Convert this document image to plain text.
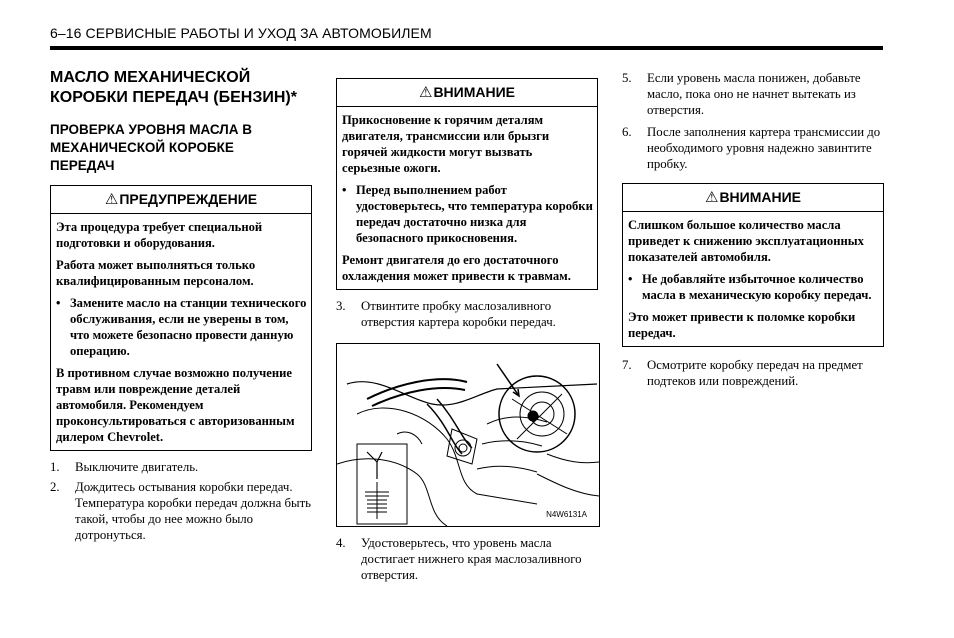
6–16 СЕРВИСНЫЕ РАБОТЫ И УХОД ЗА АВТОМОБИЛЕМ
МАСЛО МЕХАНИЧЕСКОЙ
КОРОБКИ ПЕРЕДАЧ (БЕНЗИН)*
ПРОВЕРКА УРОВНЯ МАСЛА В
МЕХАНИЧЕСКОЙ КОРОБКЕ
ПЕРЕДАЧ
⚠ПРЕДУПРЕЖДЕНИЕ

Эта процедура требует специальной подготовки и оборудования.

Работа может выполняться только квалифицированным персоналом.

• Замените масло на станции технического обслуживания, если не уверены в том, что можете безопасно провести данную операцию.

В противном случае возможно получение травм или повреждение деталей автомобиля. Рекомендуем проконсультироваться с авторизованным дилером Chevrolet.

1. Выключите двигатель.
2. Дождитесь остывания коробки передач. Температура коробки передач должна быть такой, чтобы до нее можно было дотронуться.
⚠ВНИМАНИЕ

Прикосновение к горячим деталям двигателя, трансмиссии или брызги горячей жидкости могут вызвать серьезные ожоги.

• Перед выполнением работ удостоверьтесь, что температура коробки передач достаточно низка для безопасного прикосновения.

Ремонт двигателя до его достаточного охлаждения может привести к травмам.

3. Отвинтите пробку маслозаливного отверстия картера коробки передач.
N4W6131A
4. Удостоверьтесь, что уровень масла достигает нижнего края маслозаливного отверстия.
5. Если уровень масла понижен, добавьте масло, пока оно не начнет вытекать из отверстия.
6. После заполнения картера трансмиссии до необходимого уровня надежно завинтите пробку.
⚠ВНИМАНИЕ

Слишком большое количество масла приведет к снижению эксплуатационных показателей автомобиля.

• Не добавляйте избыточное количество масла в механическую коробку передач.

Это может привести к поломке коробки передач.

7. Осмотрите коробку передач на предмет подтеков или повреждений.
